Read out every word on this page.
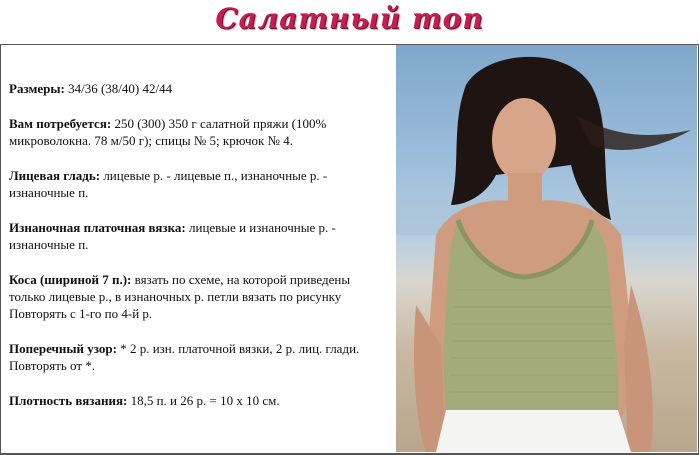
Салатный топ

Размеры: 34/36 (38/40) 42/44

Вам потребуется: 250 (300) 350 г салатной пряжи (100% микроволокна. 78 м/50 г); спицы № 5; крючок № 4.

Лицевая гладь: лицевые р. - лицевые п., изнаночные р. - изнаночные п.

Изнаночная платочная вязка: лицевые и изнаночные р. - изнаночные п.

Коса (шириной 7 п.): вязать по схеме, на которой приведены только лицевые р., в изнаночных р. петли вязать по рисунку Повторять с 1-го по 4-й р.

Поперечный узор: * 2 р. изн. платочной вязки, 2 р. лиц. глади. Повторять от *.

Плотность вязания: 18,5 п. и 26 р. = 10 х 10 см.
